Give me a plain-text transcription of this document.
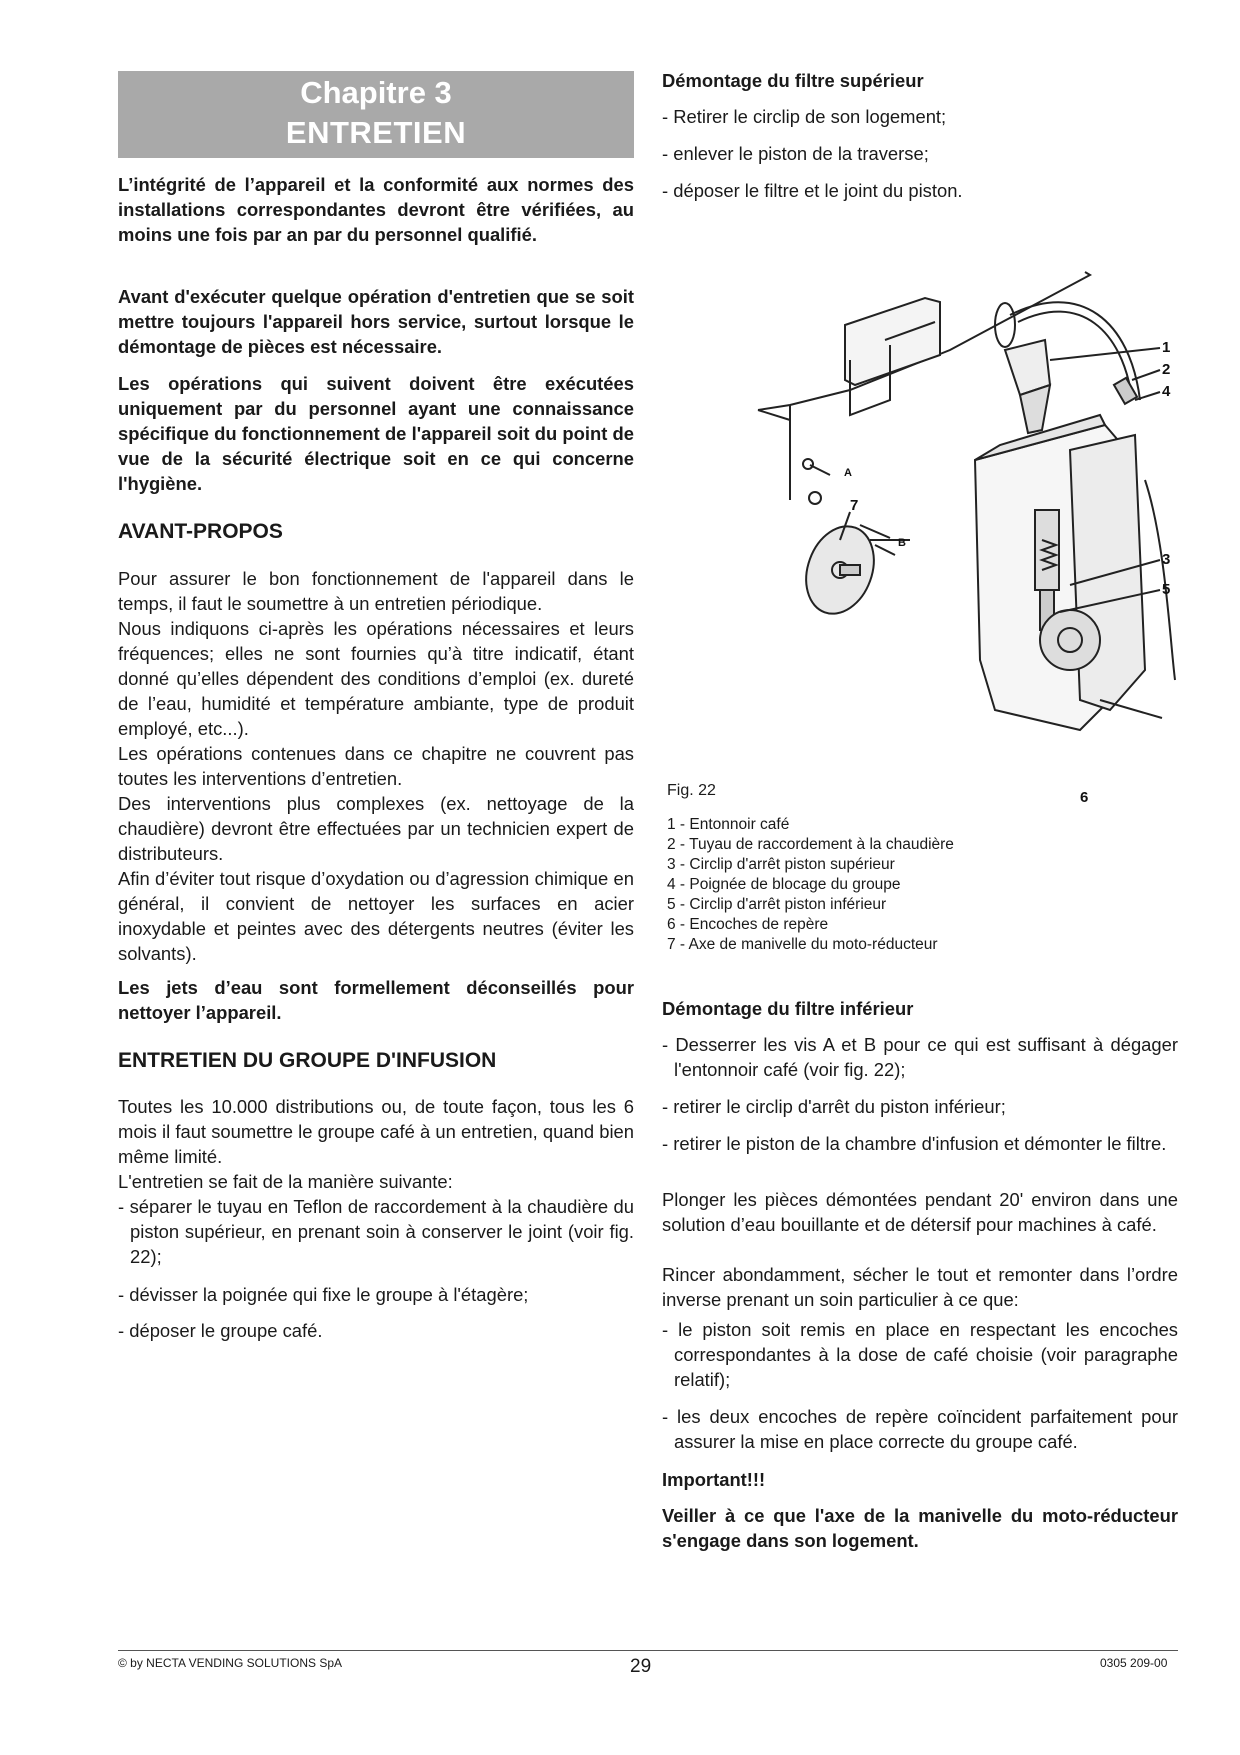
Chapitre 3
ENTRETIEN

L’intégrité de l’appareil et la conformité aux normes des installations correspondantes devront être vérifiées, au moins une fois par an par du personnel qualifié.

Avant d'exécuter quelque opération d'entretien que se soit mettre toujours l'appareil hors service, surtout lorsque le démontage de pièces est nécessaire.

Les opérations qui suivent doivent être exécutées uniquement par du personnel ayant une connaissance spécifique du fonctionnement de l'appareil soit du point de vue de la sécurité électrique soit en ce qui concerne l'hygiène.

AVANT-PROPOS

Pour assurer le bon fonctionnement de l'appareil dans le temps, il faut le soumettre à un entretien périodique.

Nous indiquons ci-après les opérations nécessaires et leurs fréquences; elles ne sont fournies qu’à titre indicatif, étant donné qu’elles dépendent des conditions d’emploi (ex. dureté de l’eau, humidité et température ambiante, type de produit employé, etc...).

Les opérations contenues dans ce chapitre ne couvrent pas toutes les interventions d’entretien.

Des interventions plus complexes (ex. nettoyage de la chaudière) devront être effectuées par un technicien expert de distributeurs.

Afin d’éviter tout risque d’oxydation ou d’agression chimique en général, il convient de nettoyer les surfaces en acier inoxydable et peintes avec des détergents neutres (éviter les solvants).

Les jets d’eau sont formellement déconseillés pour nettoyer l’appareil.

ENTRETIEN DU GROUPE D'INFUSION

Toutes les 10.000 distributions ou, de toute façon, tous les 6 mois il faut soumettre le groupe café à un entretien, quand bien même limité.

L'entretien se fait de la manière suivante:

- séparer le tuyau en Teflon de raccordement à la chaudière du piston supérieur, en prenant soin à conserver le joint (voir fig. 22);

- dévisser la poignée qui fixe le groupe à l'étagère;

- déposer le groupe café.

Démontage du filtre supérieur

- Retirer le circlip de son logement;

- enlever le piston de la traverse;

- déposer le filtre et le joint du piston.

1
2
4
A
7
B
3
5
6
Fig. 22
1 - Entonnoir café
2 - Tuyau de raccordement à la chaudière
3 - Circlip d'arrêt piston supérieur
4 - Poignée de blocage du groupe
5 - Circlip d'arrêt piston inférieur
6 - Encoches de repère
7 - Axe de manivelle du moto-réducteur
Démontage du filtre inférieur

- Desserrer les vis A et B pour ce qui est suffisant à dégager l'entonnoir café (voir fig. 22);

- retirer le circlip d'arrêt du piston inférieur;

- retirer le piston de la chambre d'infusion et démonter le filtre.

Plonger les pièces démontées pendant 20' environ dans une solution d’eau bouillante et de détersif pour machines à café.

Rincer abondamment, sécher le tout et remonter dans l’ordre inverse prenant un soin particulier à ce que:

- le piston soit remis en place en respectant les encoches correspondantes à la dose de café choisie (voir paragraphe relatif);

- les deux encoches de repère coïncident parfaitement pour assurer la mise en place correcte du groupe café.

Important!!!

Veiller à ce que l'axe de la manivelle du moto-réducteur s'engage dans son logement.

© by NECTA VENDING SOLUTIONS SpA	29	0305 209-00
